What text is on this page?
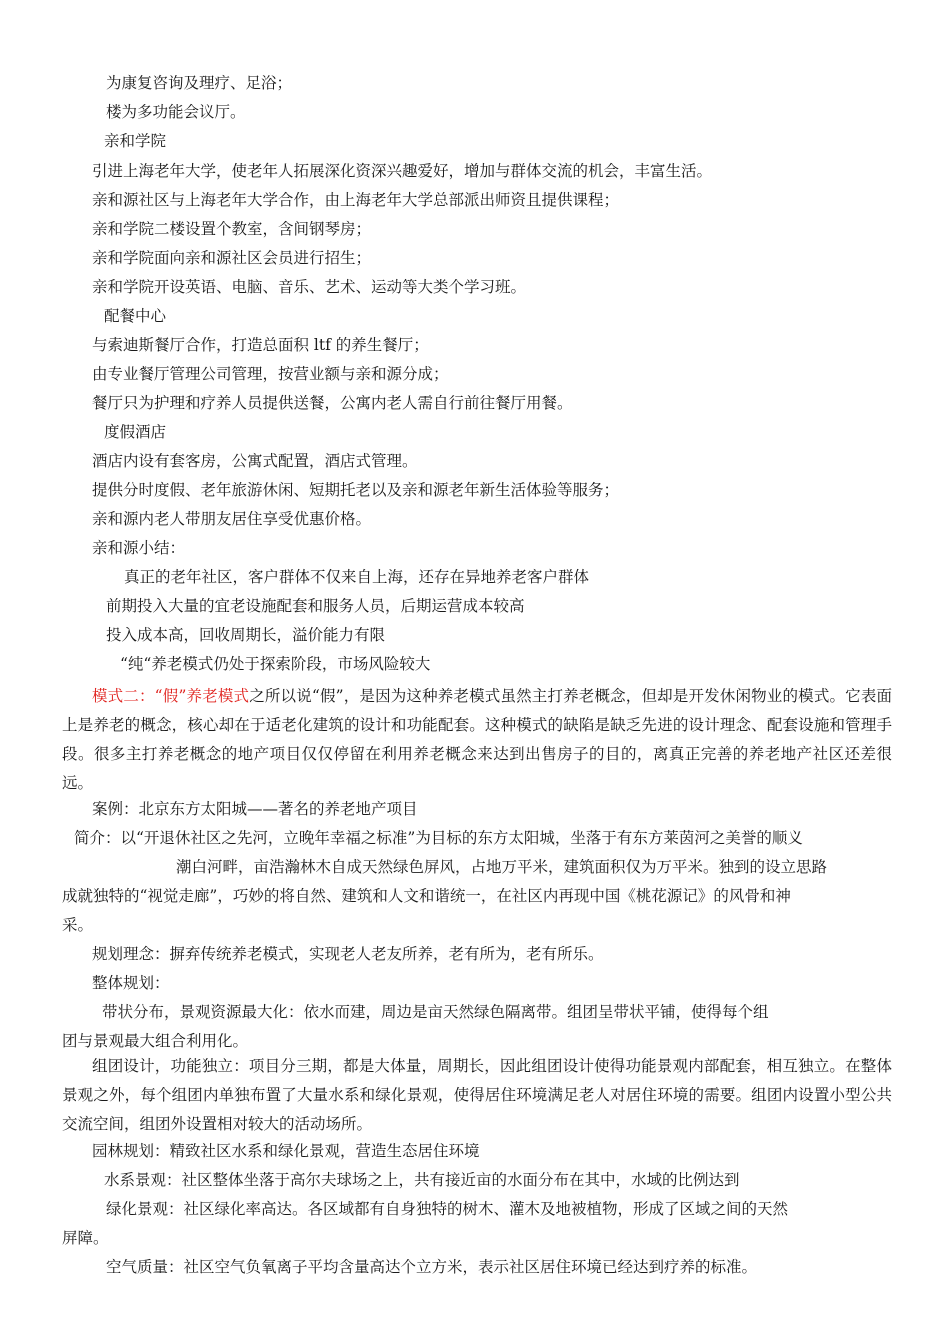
为康复咨询及理疗、足浴；
楼为多功能会议厅。
亲和学院
引进上海老年大学，使老年人拓展深化资深兴趣爱好，增加与群体交流的机会，丰富生活。
亲和源社区与上海老年大学合作，由上海老年大学总部派出师资且提供课程；
亲和学院二楼设置个教室，含间钢琴房；
亲和学院面向亲和源社区会员进行招生；
亲和学院开设英语、电脑、音乐、艺术、运动等大类个学习班。
配餐中心
与索迪斯餐厅合作，打造总面积 ltf 的养生餐厅；
由专业餐厅管理公司管理，按营业额与亲和源分成；
餐厅只为护理和疗养人员提供送餐，公寓内老人需自行前往餐厅用餐。
度假酒店
酒店内设有套客房，公寓式配置，酒店式管理。
提供分时度假、老年旅游休闲、短期托老以及亲和源老年新生活体验等服务；
亲和源内老人带朋友居住享受优惠价格。
亲和源小结：
真正的老年社区，客户群体不仅来自上海，还存在异地养老客户群体
前期投入大量的宜老设施配套和服务人员，后期运营成本较高
投入成本高，回收周期长，溢价能力有限
“纯“养老模式仍处于探索阶段，市场风险较大
模式二：“假”养老模式之所以说“假”，是因为这种养老模式虽然主打养老概念，但却是开发休闲物业的模式。它表面上是养老的概念，核心却在于适老化建筑的设计和功能配套。这种模式的缺陷是缺乏先进的设计理念、配套设施和管理手段。很多主打养老概念的地产项目仅仅停留在利用养老概念来达到出售房子的目的，离真正完善的养老地产社区还差很远。
案例：北京东方太阳城——著名的养老地产项目
简介：以“开退休社区之先河，立晚年幸福之标准”为目标的东方太阳城，坐落于有东方莱茵河之美誉的顺义
潮白河畔，亩浩瀚林木自成天然绿色屏风，占地万平米，建筑面积仅为万平米。独到的设立思路
成就独特的“视觉走廊”，巧妙的将自然、建筑和人文和谐统一，在社区内再现中国《桃花源记》的风骨和神
采。
规划理念：摒弃传统养老模式，实现老人老友所养，老有所为，老有所乐。
整体规划：
带状分布，景观资源最大化：依水而建，周边是亩天然绿色隔离带。组团呈带状平铺，使得每个组
团与景观最大组合利用化。
组团设计，功能独立：项目分三期，都是大体量，周期长，因此组团设计使得功能景观内部配套，相互独立。在整体景观之外，每个组团内单独布置了大量水系和绿化景观，使得居住环境满足老人对居住环境的需要。组团内设置小型公共交流空间，组团外设置相对较大的活动场所。
园林规划：精致社区水系和绿化景观，营造生态居住环境
水系景观：社区整体坐落于高尔夫球场之上，共有接近亩的水面分布在其中，水域的比例达到
绿化景观：社区绿化率高达。各区域都有自身独特的树木、灌木及地被植物，形成了区域之间的天然
屏障。
空气质量：社区空气负氧离子平均含量高达个立方米，表示社区居住环境已经达到疗养的标准。
